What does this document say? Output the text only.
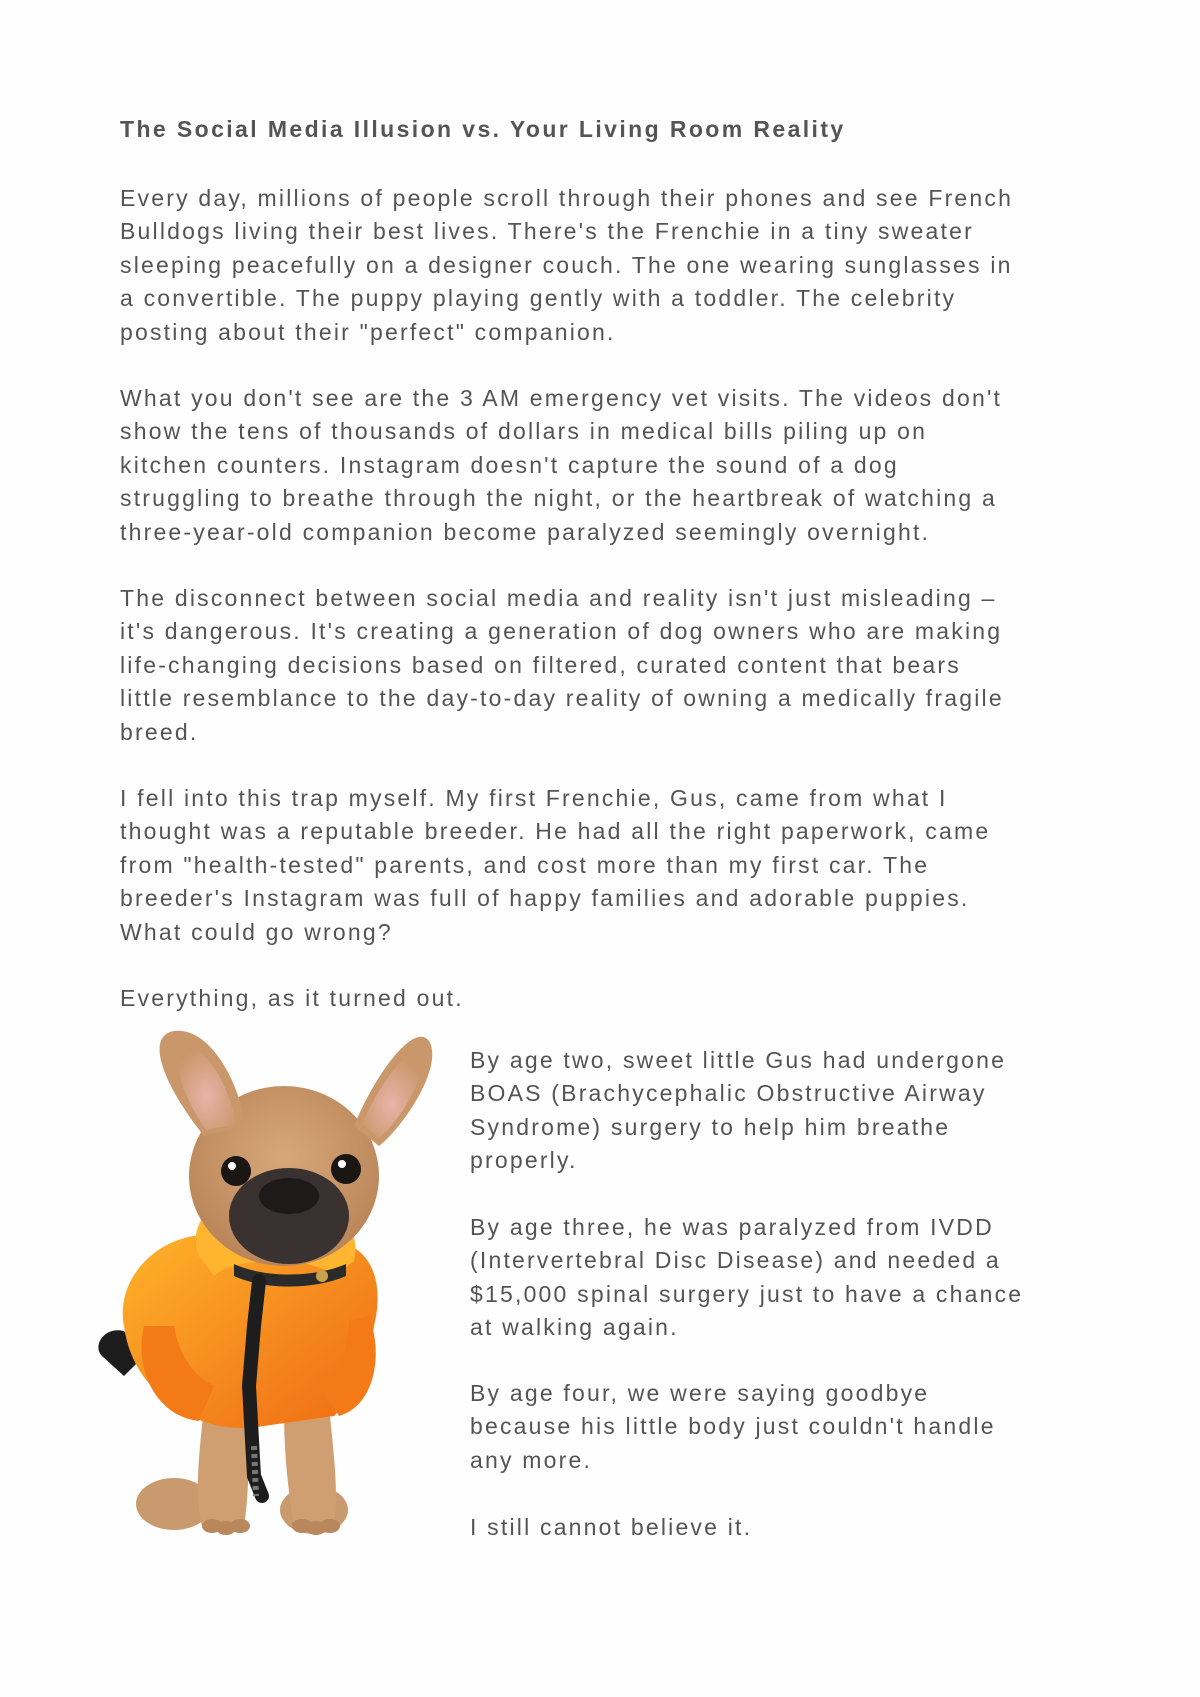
The Social Media Illusion vs. Your Living Room Reality

Every day, millions of people scroll through their phones and see French
Bulldogs living their best lives. There's the Frenchie in a tiny sweater
sleeping peacefully on a designer couch. The one wearing sunglasses in
a convertible. The puppy playing gently with a toddler. The celebrity
posting about their "perfect" companion.

What you don't see are the 3 AM emergency vet visits. The videos don't
show the tens of thousands of dollars in medical bills piling up on
kitchen counters. Instagram doesn't capture the sound of a dog
struggling to breathe through the night, or the heartbreak of watching a
three-year-old companion become paralyzed seemingly overnight.

The disconnect between social media and reality isn't just misleading –
it's dangerous. It's creating a generation of dog owners who are making
life-changing decisions based on filtered, curated content that bears
little resemblance to the day-to-day reality of owning a medically fragile
breed.

I fell into this trap myself. My first Frenchie, Gus, came from what I
thought was a reputable breeder. He had all the right paperwork, came
from "health-tested" parents, and cost more than my first car. The
breeder's Instagram was full of happy families and adorable puppies.
What could go wrong?

Everything, as it turned out.

By age two, sweet little Gus had undergone
BOAS (Brachycephalic Obstructive Airway
Syndrome) surgery to help him breathe
properly.

By age three, he was paralyzed from IVDD
(Intervertebral Disc Disease) and needed a
$15,000 spinal surgery just to have a chance
at walking again.

By age four, we were saying goodbye
because his little body just couldn't handle
any more.

I still cannot believe it.
